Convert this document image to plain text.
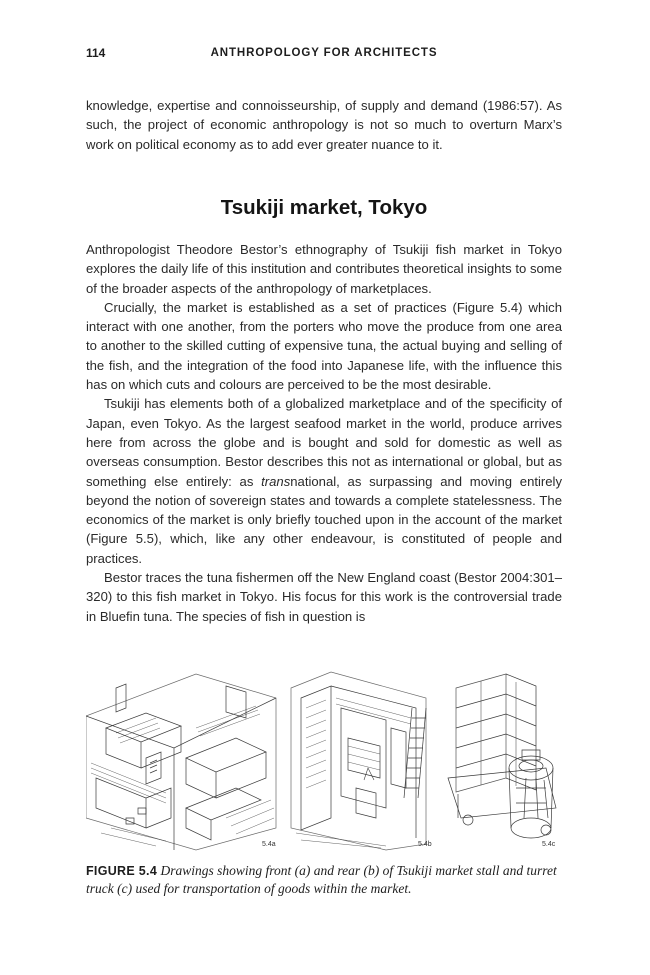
114	ANTHROPOLOGY FOR ARCHITECTS

knowledge, expertise and connoisseurship, of supply and demand (1986:57). As such, the project of economic anthropology is not so much to overturn Marx’s work on political economy as to add ever greater nuance to it.

Tsukiji market, Tokyo

Anthropologist Theodore Bestor’s ethnography of Tsukiji fish market in Tokyo explores the daily life of this institution and contributes theoretical insights to some of the broader aspects of the anthropology of marketplaces.

Crucially, the market is established as a set of practices (Figure 5.4) which interact with one another, from the porters who move the produce from one area to another to the skilled cutting of expensive tuna, the actual buying and selling of the fish, and the integration of the food into Japanese life, with the influence this has on which cuts and colours are perceived to be the most desirable.

Tsukiji has elements both of a globalized marketplace and of the specificity of Japan, even Tokyo. As the largest seafood market in the world, produce arrives here from across the globe and is bought and sold for domestic as well as overseas consumption. Bestor describes this not as international or global, but as something else entirely: as transnational, as surpassing and moving entirely beyond the notion of sovereign states and towards a complete statelessness. The economics of the market is only briefly touched upon in the account of the market (Figure 5.5), which, like any other endeavour, is constituted of people and practices.

Bestor traces the tuna fishermen off the New England coast (Bestor 2004:301–320) to this fish market in Tokyo. His focus for this work is the controversial trade in Bluefin tuna. The species of fish in question is

5.4a	5.4b	5.4c
FIGURE 5.4 Drawings showing front (a) and rear (b) of Tsukiji market stall and turret truck (c) used for transportation of goods within the market.
